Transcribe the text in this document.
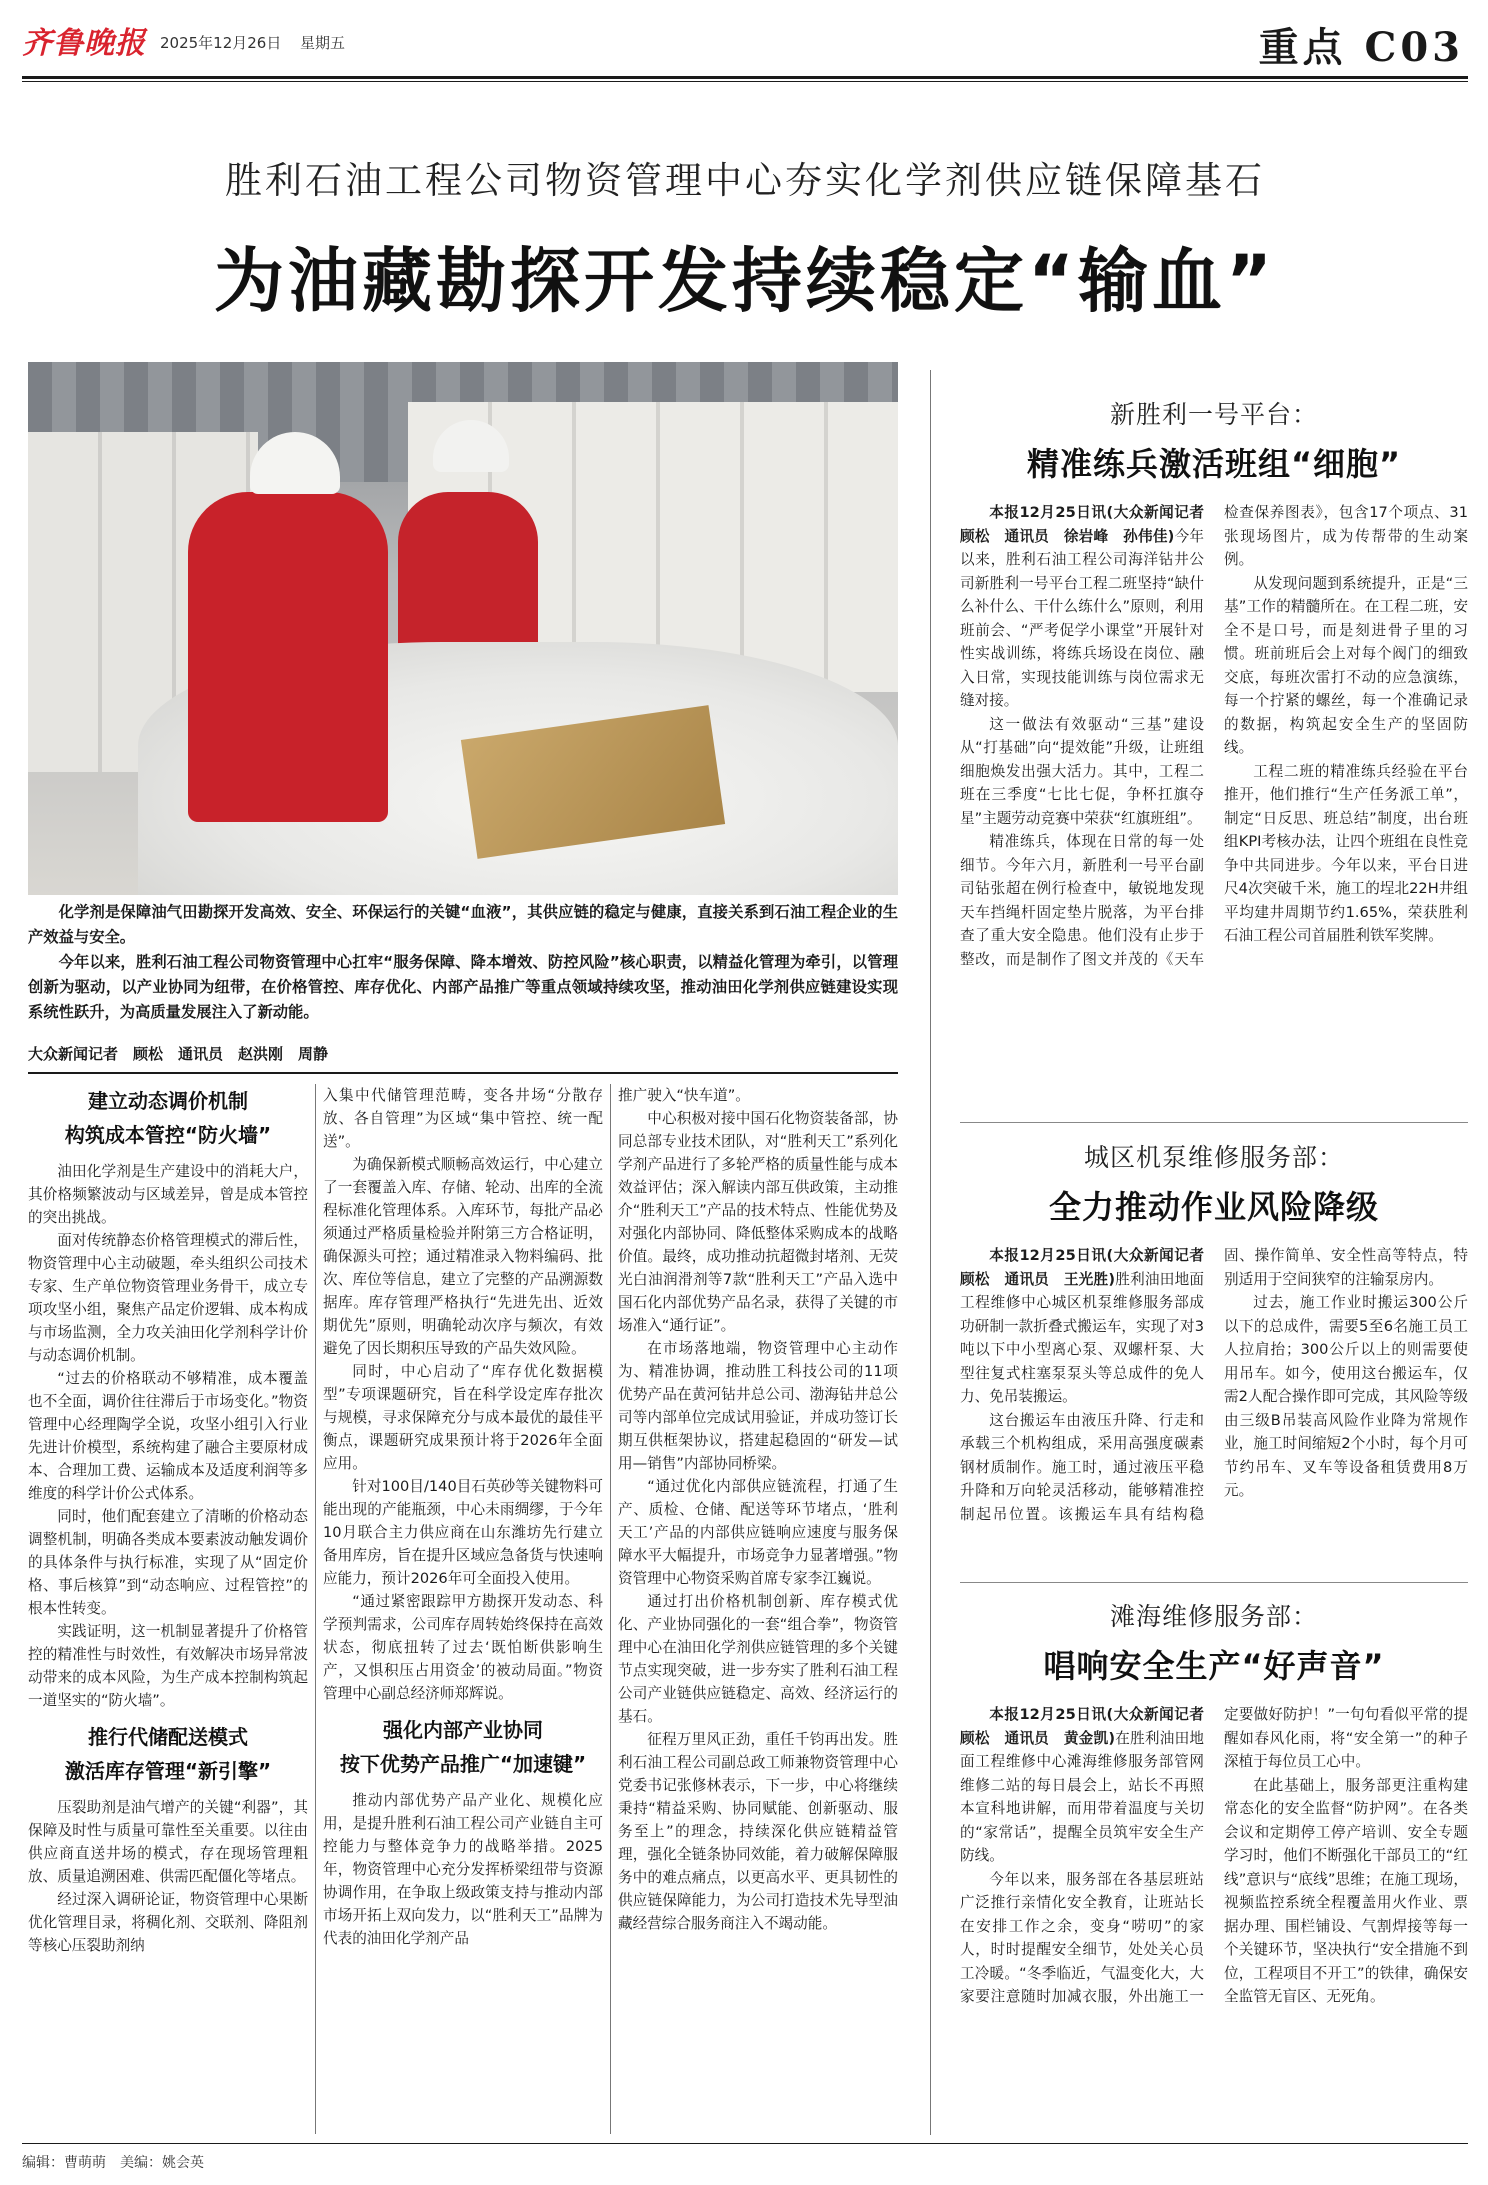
齐鲁晚报 2025年12月26日 星期五	重点 C03
胜利石油工程公司物资管理中心夯实化学剂供应链保障基石
为油藏勘探开发持续稳定“输血”

化学剂是保障油气田勘探开发高效、安全、环保运行的关键“血液”，其供应链的稳定与健康，直接关系到石油工程企业的生产效益与安全。

今年以来，胜利石油工程公司物资管理中心扛牢“服务保障、降本增效、防控风险”核心职责，以精益化管理为牵引，以管理创新为驱动，以产业协同为纽带，在价格管控、库存优化、内部产品推广等重点领域持续攻坚，推动油田化学剂供应链建设实现系统性跃升，为高质量发展注入了新动能。

大众新闻记者　顾松　通讯员　赵洪刚　周静

建立动态调价机制

构筑成本管控“防火墙”

油田化学剂是生产建设中的消耗大户，其价格频繁波动与区域差异，曾是成本管控的突出挑战。

面对传统静态价格管理模式的滞后性，物资管理中心主动破题，牵头组织公司技术专家、生产单位物资管理业务骨干，成立专项攻坚小组，聚焦产品定价逻辑、成本构成与市场监测，全力攻关油田化学剂科学计价与动态调价机制。

“过去的价格联动不够精准，成本覆盖也不全面，调价往往滞后于市场变化。”物资管理中心经理陶学全说，攻坚小组引入行业先进计价模型，系统构建了融合主要原材成本、合理加工费、运输成本及适度利润等多维度的科学计价公式体系。

同时，他们配套建立了清晰的价格动态调整机制，明确各类成本要素波动触发调价的具体条件与执行标准，实现了从“固定价格、事后核算”到“动态响应、过程管控”的根本性转变。

实践证明，这一机制显著提升了价格管控的精准性与时效性，有效解决市场异常波动带来的成本风险，为生产成本控制构筑起一道坚实的“防火墙”。

推行代储配送模式

激活库存管理“新引擎”

压裂助剂是油气增产的关键“利器”，其保障及时性与质量可靠性至关重要。以往由供应商直送井场的模式，存在现场管理粗放、质量追溯困难、供需匹配僵化等堵点。

经过深入调研论证，物资管理中心果断优化管理目录，将稠化剂、交联剂、降阻剂等核心压裂助剂纳

入集中代储管理范畴，变各井场“分散存放、各自管理”为区域“集中管控、统一配送”。

为确保新模式顺畅高效运行，中心建立了一套覆盖入库、存储、轮动、出库的全流程标准化管理体系。入库环节，每批产品必须通过严格质量检验并附第三方合格证明，确保源头可控；通过精准录入物料编码、批次、库位等信息，建立了完整的产品溯源数据库。库存管理严格执行“先进先出、近效期优先”原则，明确轮动次序与频次，有效避免了因长期积压导致的产品失效风险。

同时，中心启动了“库存优化数据模型”专项课题研究，旨在科学设定库存批次与规模，寻求保障充分与成本最优的最佳平衡点，课题研究成果预计将于2026年全面应用。

针对100目/140目石英砂等关键物料可能出现的产能瓶颈，中心未雨绸缪，于今年10月联合主力供应商在山东潍坊先行建立备用库房，旨在提升区域应急备货与快速响应能力，预计2026年可全面投入使用。

“通过紧密跟踪甲方勘探开发动态、科学预判需求，公司库存周转始终保持在高效状态，彻底扭转了过去‘既怕断供影响生产，又惧积压占用资金’的被动局面。”物资管理中心副总经济师郑辉说。

强化内部产业协同

按下优势产品推广“加速键”

推动内部优势产品产业化、规模化应用，是提升胜利石油工程公司产业链自主可控能力与整体竞争力的战略举措。2025年，物资管理中心充分发挥桥梁纽带与资源协调作用，在争取上级政策支持与推动内部市场开拓上双向发力，以“胜利天工”品牌为代表的油田化学剂产品

推广驶入“快车道”。

中心积极对接中国石化物资装备部，协同总部专业技术团队，对“胜利天工”系列化学剂产品进行了多轮严格的质量性能与成本效益评估；深入解读内部互供政策，主动推介“胜利天工”产品的技术特点、性能优势及对强化内部协同、降低整体采购成本的战略价值。最终，成功推动抗超微封堵剂、无荧光白油润滑剂等7款“胜利天工”产品入选中国石化内部优势产品名录，获得了关键的市场准入“通行证”。

在市场落地端，物资管理中心主动作为、精准协调，推动胜工科技公司的11项优势产品在黄河钻井总公司、渤海钻井总公司等内部单位完成试用验证，并成功签订长期互供框架协议，搭建起稳固的“研发—试用—销售”内部协同桥梁。

“通过优化内部供应链流程，打通了生产、质检、仓储、配送等环节堵点，‘胜利天工’产品的内部供应链响应速度与服务保障水平大幅提升，市场竞争力显著增强。”物资管理中心物资采购首席专家李江巍说。

通过打出价格机制创新、库存模式优化、产业协同强化的一套“组合拳”，物资管理中心在油田化学剂供应链管理的多个关键节点实现突破，进一步夯实了胜利石油工程公司产业链供应链稳定、高效、经济运行的基石。

征程万里风正劲，重任千钧再出发。胜利石油工程公司副总政工师兼物资管理中心党委书记张修林表示，下一步，中心将继续秉持“精益采购、协同赋能、创新驱动、服务至上”的理念，持续深化供应链精益管理，强化全链条协同效能，着力破解保障服务中的难点痛点，以更高水平、更具韧性的供应链保障能力，为公司打造技术先导型油藏经营综合服务商注入不竭动能。

新胜利一号平台：
精准练兵激活班组“细胞”

本报12月25日讯(大众新闻记者　顾松　通讯员　徐岩峰　孙伟佳)今年以来，胜利石油工程公司海洋钻井公司新胜利一号平台工程二班坚持“缺什么补什么、干什么练什么”原则，利用班前会、“严考促学小课堂”开展针对性实战训练，将练兵场设在岗位、融入日常，实现技能训练与岗位需求无缝对接。

这一做法有效驱动“三基”建设从“打基础”向“提效能”升级，让班组细胞焕发出强大活力。其中，工程二班在三季度“七比七促，争杯扛旗夺星”主题劳动竞赛中荣获“红旗班组”。

精准练兵，体现在日常的每一处细节。今年六月，新胜利一号平台副司钻张超在例行检查中，敏锐地发现天车挡绳杆固定垫片脱落，为平台排查了重大安全隐患。他们没有止步于整改，而是制作了图文并茂的《天车检查保养图表》，包含17个项点、31张现场图片，成为传帮带的生动案例。

从发现问题到系统提升，正是“三基”工作的精髓所在。在工程二班，安全不是口号，而是刻进骨子里的习惯。班前班后会上对每个阀门的细致交底，每班次雷打不动的应急演练，每一个拧紧的螺丝，每一个准确记录的数据，构筑起安全生产的坚固防线。

工程二班的精准练兵经验在平台推开，他们推行“生产任务派工单”，制定“日反思、班总结”制度，出台班组KPI考核办法，让四个班组在良性竞争中共同进步。今年以来，平台日进尺4次突破千米，施工的埕北22H井组平均建井周期节约1.65%，荣获胜利石油工程公司首届胜利铁军奖牌。

城区机泵维修服务部：
全力推动作业风险降级

本报12月25日讯(大众新闻记者　顾松　通讯员　王光胜)胜利油田地面工程维修中心城区机泵维修服务部成功研制一款折叠式搬运车，实现了对3吨以下中小型离心泵、双螺杆泵、大型往复式柱塞泵泵头等总成件的免人力、免吊装搬运。

这台搬运车由液压升降、行走和承载三个机构组成，采用高强度碳素钢材质制作。施工时，通过液压平稳升降和万向轮灵活移动，能够精准控制起吊位置。该搬运车具有结构稳固、操作简单、安全性高等特点，特别适用于空间狭窄的注输泵房内。

过去，施工作业时搬运300公斤以下的总成件，需要5至6名施工员工人拉肩抬；300公斤以上的则需要使用吊车。如今，使用这台搬运车，仅需2人配合操作即可完成，其风险等级由三级B吊装高风险作业降为常规作业，施工时间缩短2个小时，每个月可节约吊车、叉车等设备租赁费用8万元。

滩海维修服务部：
唱响安全生产“好声音”

本报12月25日讯(大众新闻记者　顾松　通讯员　黄金凯)在胜利油田地面工程维修中心滩海维修服务部管网维修二站的每日晨会上，站长不再照本宣科地讲解，而用带着温度与关切的“家常话”，提醒全员筑牢安全生产防线。

今年以来，服务部在各基层班站广泛推行亲情化安全教育，让班站长在安排工作之余，变身“唠叨”的家人，时时提醒安全细节，处处关心员工冷暖。“冬季临近，气温变化大，大家要注意随时加减衣服，外出施工一定要做好防护！”一句句看似平常的提醒如春风化雨，将“安全第一”的种子深植于每位员工心中。

在此基础上，服务部更注重构建常态化的安全监督“防护网”。在各类会议和定期停工停产培训、安全专题学习时，他们不断强化干部员工的“红线”意识与“底线”思维；在施工现场，视频监控系统全程覆盖用火作业、票据办理、围栏铺设、气割焊接等每一个关键环节，坚决执行“安全措施不到位，工程项目不开工”的铁律，确保安全监管无盲区、无死角。

编辑：曹萌萌　美编：姚会英
